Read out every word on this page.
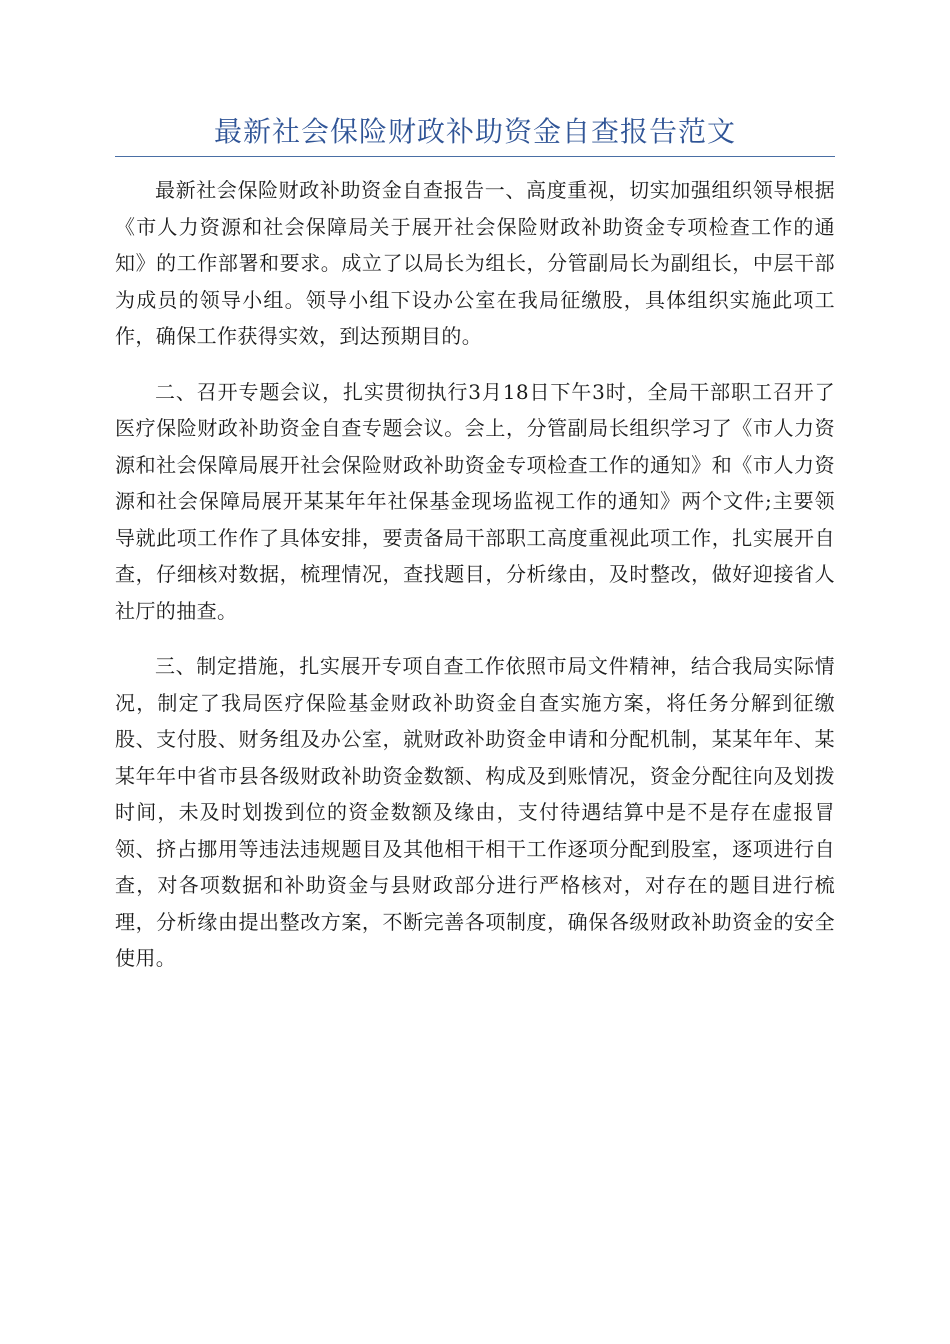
最新社会保险财政补助资金自查报告范文

最新社会保险财政补助资金自查报告一、高度重视，切实加强组织领导根据《市人力资源和社会保障局关于展开社会保险财政补助资金专项检查工作的通知》的工作部署和要求。成立了以局长为组长，分管副局长为副组长，中层干部为成员的领导小组。领导小组下设办公室在我局征缴股，具体组织实施此项工作，确保工作获得实效，到达预期目的。

二、召开专题会议，扎实贯彻执行3月18日下午3时，全局干部职工召开了医疗保险财政补助资金自查专题会议。会上，分管副局长组织学习了《市人力资源和社会保障局展开社会保险财政补助资金专项检查工作的通知》和《市人力资源和社会保障局展开某某年年社保基金现场监视工作的通知》两个文件;主要领导就此项工作作了具体安排，要责备局干部职工高度重视此项工作，扎实展开自查，仔细核对数据，梳理情况，查找题目，分析缘由，及时整改，做好迎接省人社厅的抽查。

三、制定措施，扎实展开专项自查工作依照市局文件精神，结合我局实际情况，制定了我局医疗保险基金财政补助资金自查实施方案，将任务分解到征缴股、支付股、财务组及办公室，就财政补助资金申请和分配机制，某某年年、某某年年中省市县各级财政补助资金数额、构成及到账情况，资金分配往向及划拨时间，未及时划拨到位的资金数额及缘由，支付待遇结算中是不是存在虚报冒领、挤占挪用等违法违规题目及其他相干相干工作逐项分配到股室，逐项进行自查，对各项数据和补助资金与县财政部分进行严格核对，对存在的题目进行梳理，分析缘由提出整改方案，不断完善各项制度，确保各级财政补助资金的安全使用。
